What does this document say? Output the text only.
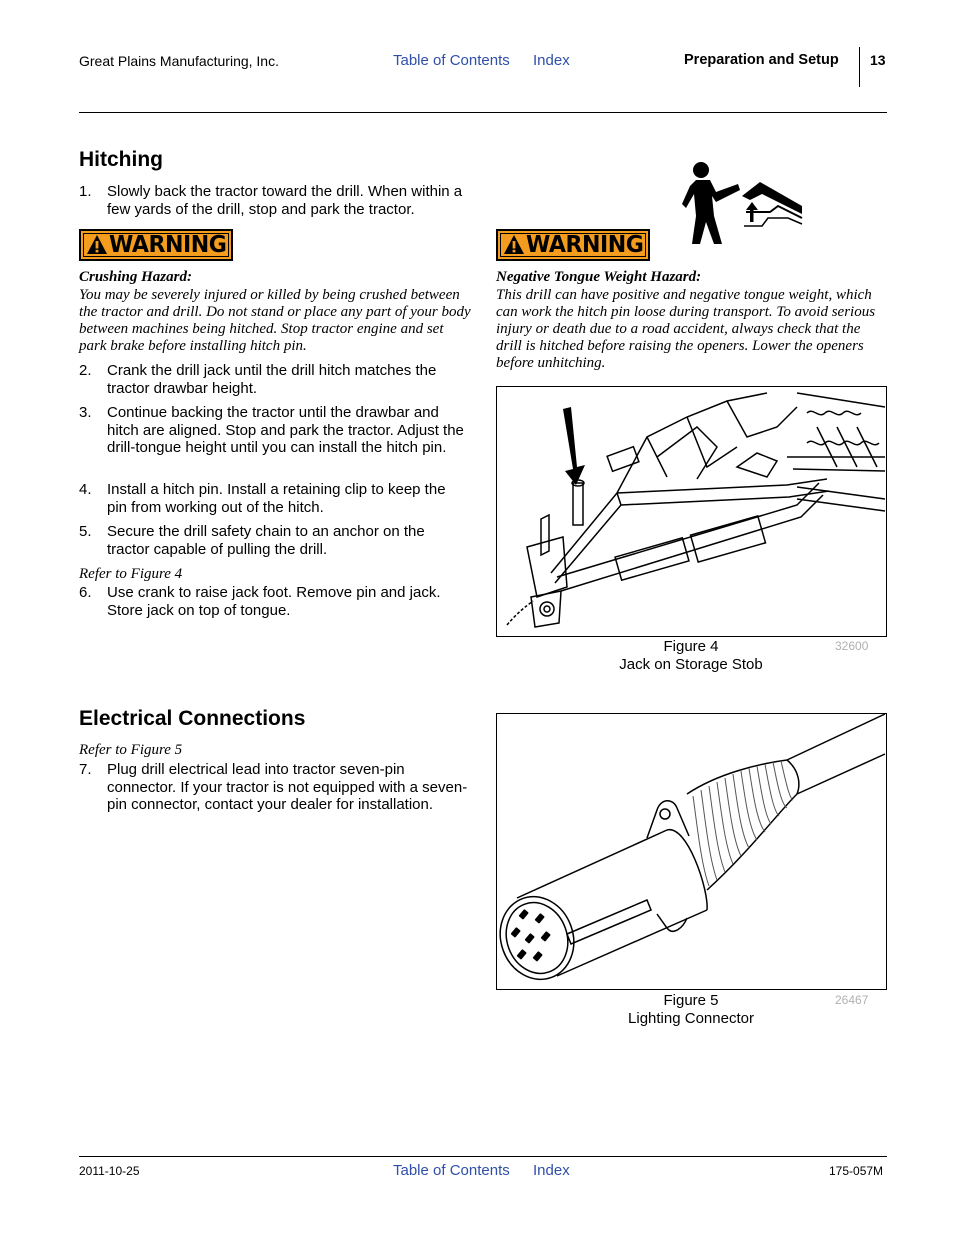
Great Plains Manufacturing, Inc.	Table of Contents Index	Preparation and Setup 13
Hitching
1. Slowly back the tractor toward the drill. When within a few yards of the drill, stop and park the tractor.
WARNING
Crushing Hazard:
You may be severely injured or killed by being crushed between the tractor and drill. Do not stand or place any part of your body between machines being hitched. Stop tractor engine and set park brake before installing hitch pin.
2. Crank the drill jack until the drill hitch matches the tractor drawbar height.
3. Continue backing the tractor until the drawbar and hitch are aligned. Stop and park the tractor. Adjust the drill-tongue height until you can install the hitch pin.
4. Install a hitch pin. Install a retaining clip to keep the pin from working out of the hitch.
5. Secure the drill safety chain to an anchor on the tractor capable of pulling the drill.
Refer to Figure 4
6. Use crank to raise jack foot. Remove pin and jack. Store jack on top of tongue.
WARNING
Negative Tongue Weight Hazard:
This drill can have positive and negative tongue weight, which can work the hitch pin loose during transport. To avoid serious injury or death due to a road accident, always check that the drill is hitched before raising the openers. Lower the openers before unhitching.
Figure 4
Jack on Storage Stob
32600
Electrical Connections
Refer to Figure 5
7. Plug drill electrical lead into tractor seven-pin connector. If your tractor is not equipped with a seven-pin connector, contact your dealer for installation.
Figure 5
Lighting Connector
26467
2011-10-25	Table of Contents Index	175-057M
